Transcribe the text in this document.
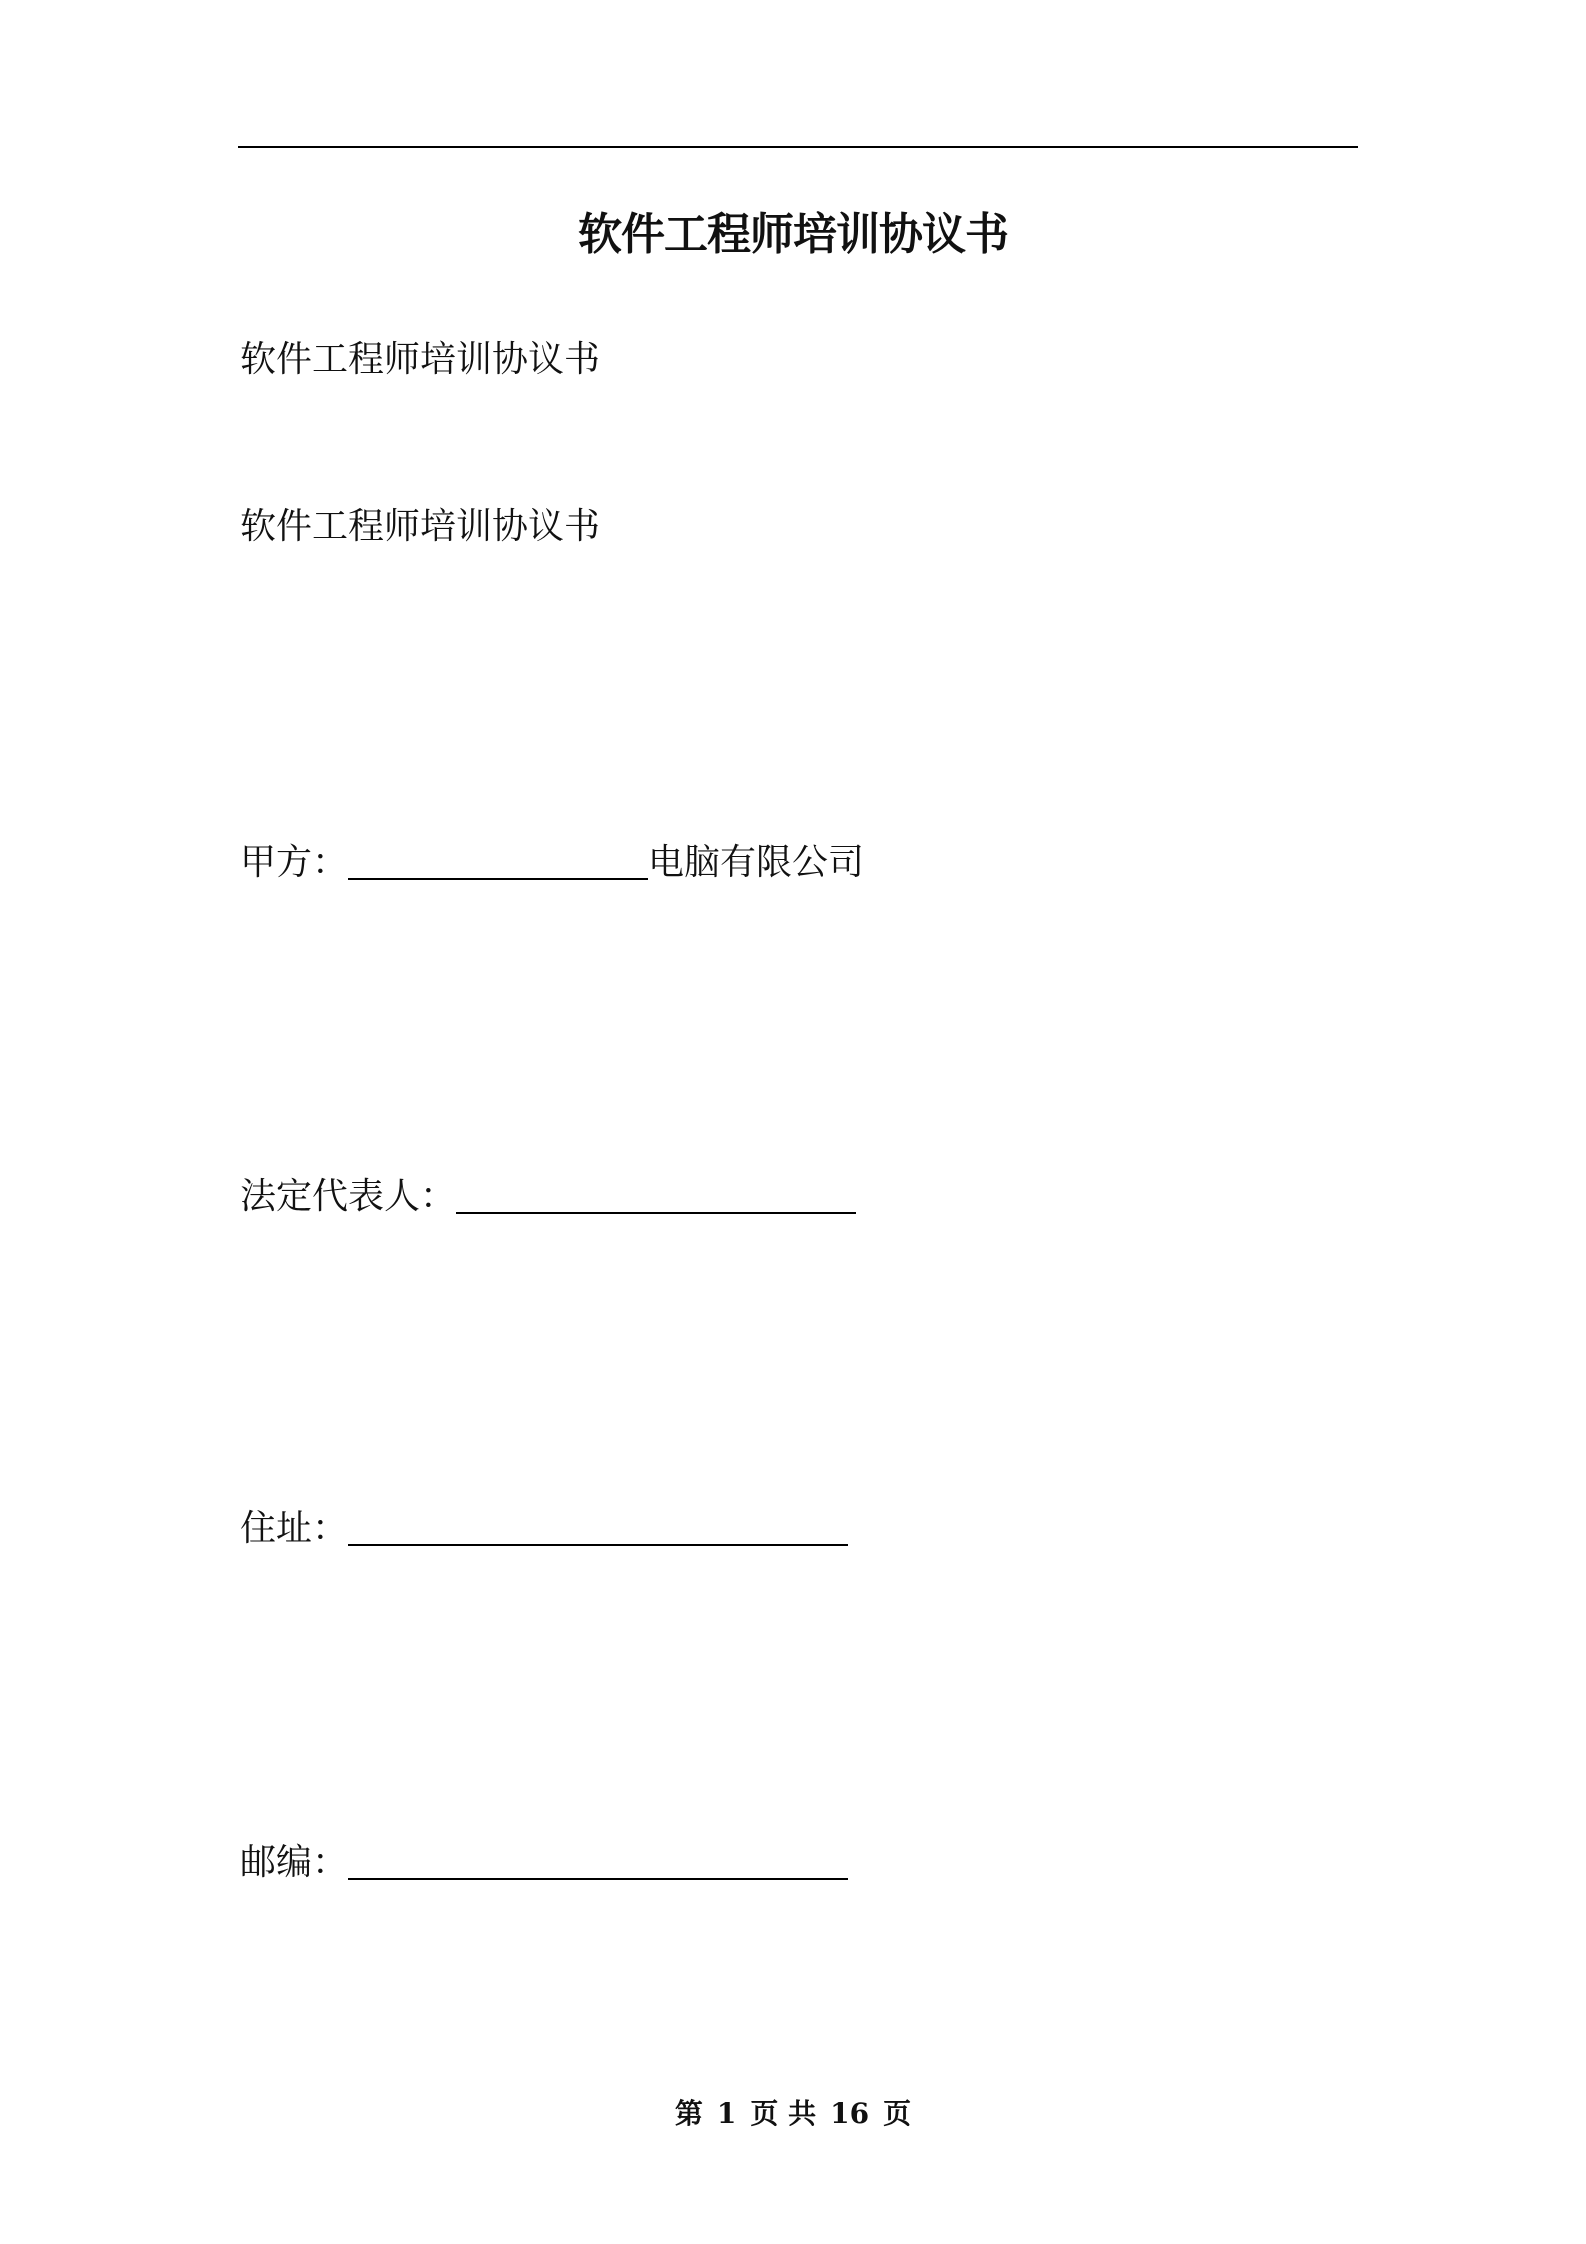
软件工程师培训协议书
软件工程师培训协议书
软件工程师培训协议书
甲方：	电脑有限公司
法定代表人：
住址：
邮编：
第 1 页 共 16 页
